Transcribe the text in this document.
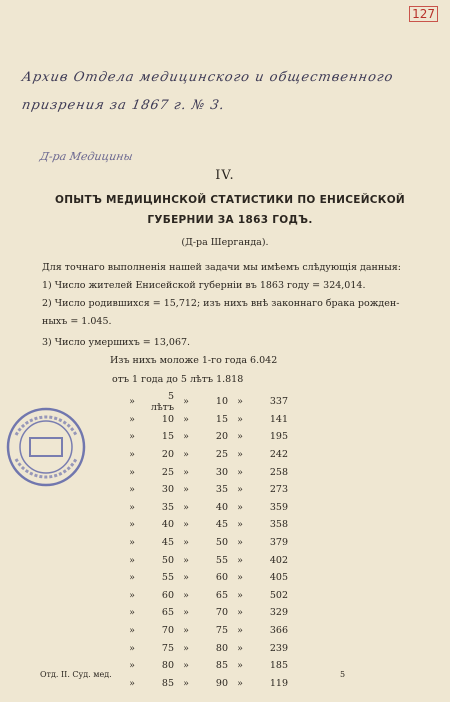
127
Архив Отдела медицинского и общественного
призрения за 1867 г. № 3.
Д-ра Медицины
IV.
ОПЫТЪ МЕДИЦИНСКОЙ СТАТИСТИКИ ПО ЕНИСЕЙСКОЙ ГУБЕРНИИ ЗА 1863 ГОДЪ.
(Д-ра Шерганда).
Для точнаго выполненія нашей задачи мы имѣемъ слѣдующія данныя:
1) Число жителей Енисейской губерніи въ 1863 году = 324,014.
2) Число родившихся = 15,712; изъ нихъ внѣ законнаго брака рожден-
ныхъ = 1.045.
3) Число умершихъ = 13,067.
Изъ нихъ моложе 1-го года 6.042
отъ 1 года до 5 лѣтъ 1.818
»	5 лѣтъ »	10 »	337
»	10 »	15 »	141
»	15 »	20 »	195
»	20 »	25 »	242
»	25 »	30 »	258
»	30 »	35 »	273
»	35 »	40 »	359
»	40 »	45 »	358
»	45 »	50 »	379
»	50 »	55 »	402
»	55 »	60 »	405
»	60 »	65 »	502
»	65 »	70 »	329
»	70 »	75 »	366
»	75 »	80 »	239
»	80 »	85 »	185
»	85 »	90 »	119
Отд. II. Суд. мед.	5
